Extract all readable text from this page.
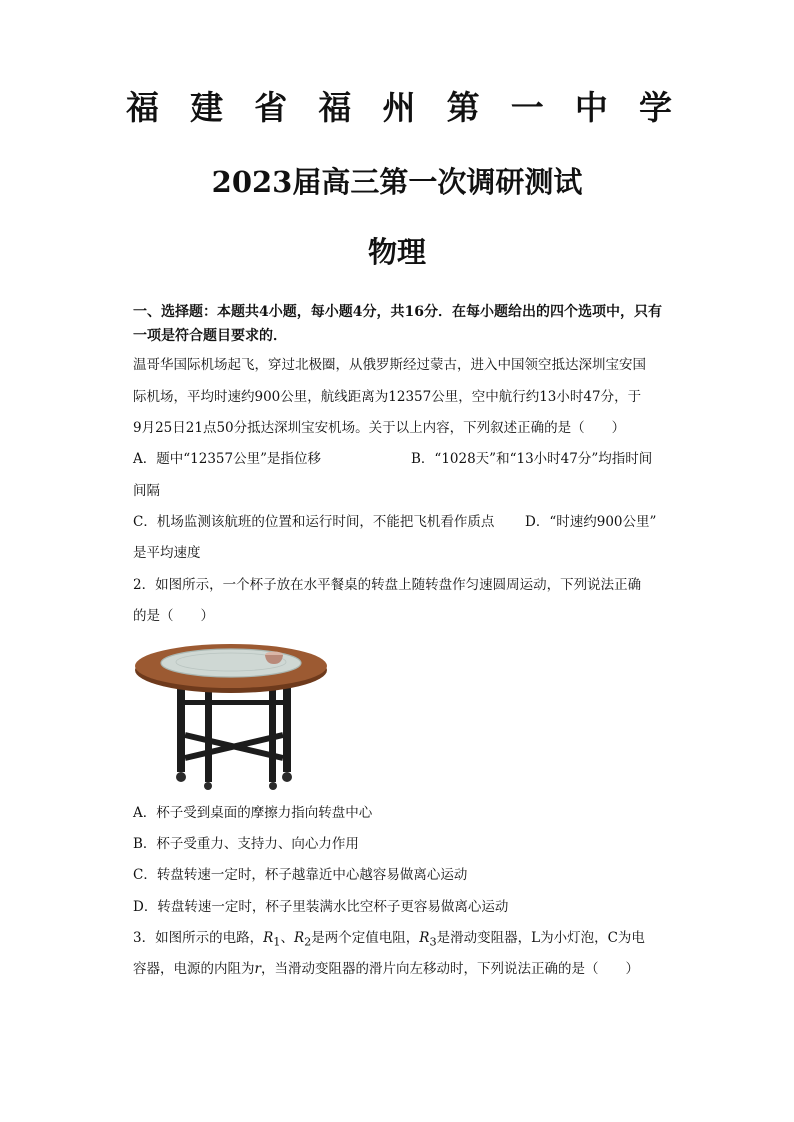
福 建 省 福 州 第 一 中 学
2023届高三第一次调研测试
物理
一、选择题：本题共4小题，每小题4分，共16分．在每小题给出的四个选项中，只有一项是符合题目要求的．
温哥华国际机场起飞，穿过北极圈，从俄罗斯经过蒙古，进入中国领空抵达深圳宝安国
际机场，平均时速约900公里，航线距离为12357公里，空中航行约13小时47分，于
9月25日21点50分抵达深圳宝安机场。关于以上内容，下列叙述正确的是（　　）
A．题中“12357公里”是指位移	B．“1028天”和“13小时47分”均指时间
间隔
C．机场监测该航班的位置和运行时间，不能把飞机看作质点 D．“时速约900公里”
是平均速度
2．如图所示，一个杯子放在水平餐桌的转盘上随转盘作匀速圆周运动，下列说法正确
的是（　　）
A．杯子受到桌面的摩擦力指向转盘中心
B．杯子受重力、支持力、向心力作用
C．转盘转速一定时，杯子越靠近中心越容易做离心运动
D．转盘转速一定时，杯子里装满水比空杯子更容易做离心运动
3．如图所示的电路，$R_1$、$R_2$是两个定值电阻，$R_3$是滑动变阻器，L为小灯泡，C为电
容器，电源的内阻为r，当滑动变阻器的滑片向左移动时，下列说法正确的是（　　）
